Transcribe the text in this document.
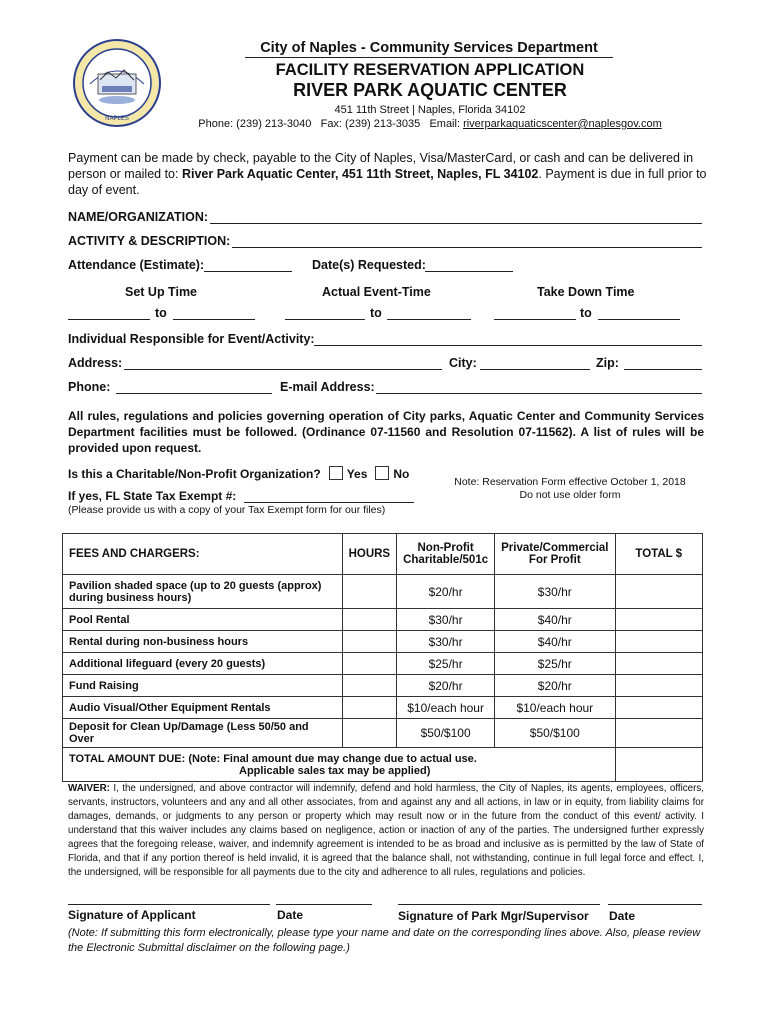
NAPLES
City of Naples - Community Services Department
FACILITY RESERVATION APPLICATION
RIVER PARK AQUATIC CENTER
451 11th Street | Naples, Florida 34102
Phone: (239) 213-3040 Fax: (239) 213-3035 Email: riverparkaquaticscenter@naplesgov.com
Payment can be made by check, payable to the City of Naples, Visa/MasterCard, or cash and can be delivered in person or mailed to: River Park Aquatic Center, 451 11th Street, Naples, FL 34102. Payment is due in full prior to day of event.
NAME/ORGANIZATION:
ACTIVITY & DESCRIPTION:
Attendance (Estimate):	Date(s) Requested:
Set Up Time	Actual Event-Time	Take Down Time
to	to	to
Individual Responsible for Event/Activity:
Address:	City:	Zip:
Phone:	E-mail Address:
All rules, regulations and policies governing operation of City parks, Aquatic Center and Community Services Department facilities must be followed. (Ordinance 07-11560 and Resolution 07-11562). A list of rules will be provided upon request.
Is this a Charitable/Non-Profit Organization? Yes No
If yes, FL State Tax Exempt #:
(Please provide us with a copy of your Tax Exempt form for our files)
Note: Reservation Form effective October 1, 2018
Do not use older form
FEES AND CHARGERS:	HOURS	Non-Profit Charitable/501c	Private/Commercial For Profit	TOTAL $
Pavilion shaded space (up to 20 guests (approx) during business hours)		$20/hr	$30/hr	
Pool Rental		$30/hr	$40/hr	
Rental during non-business hours		$30/hr	$40/hr	
Additional lifeguard (every 20 guests)		$25/hr	$25/hr	
Fund Raising		$20/hr	$20/hr	
Audio Visual/Other Equipment Rentals		$10/each hour	$10/each hour	
Deposit for Clean Up/Damage (Less 50/50 and Over		$50/$100	$50/$100	

TOTAL AMOUNT DUE: (Note: Final amount due may change due to actual use.
Applicable sales tax may be applied)				

WAIVER: I, the undersigned, and above contractor will indemnify, defend and hold harmless, the City of Naples, its agents, employees, officers, servants, instructors, volunteers and any and all other associates, from and against any and all actions, in law or in equity, from liability claims for damages, demands, or judgments to any person or property which may result now or in the future from the conduct of this event/ activity. I understand that this waiver includes any claims based on negligence, action or inaction of any of the parties. The undersigned further expressly agrees that the foregoing release, waiver, and indemnify agreement is intended to be as broad and inclusive as is permitted by the law of State of Florida, and that if any portion thereof is held invalid, it is agreed that the balance shall, not withstanding, continue in full legal force and effect. I, the undersigned, will be responsible for all payments due to the city and adherence to all rules, regulations and policies.
Signature of Applicant	Date	Signature of Park Mgr/Supervisor Date
(Note: If submitting this form electronically, please type your name and date on the corresponding lines above. Also, please review the Electronic Submittal disclaimer on the following page.)
